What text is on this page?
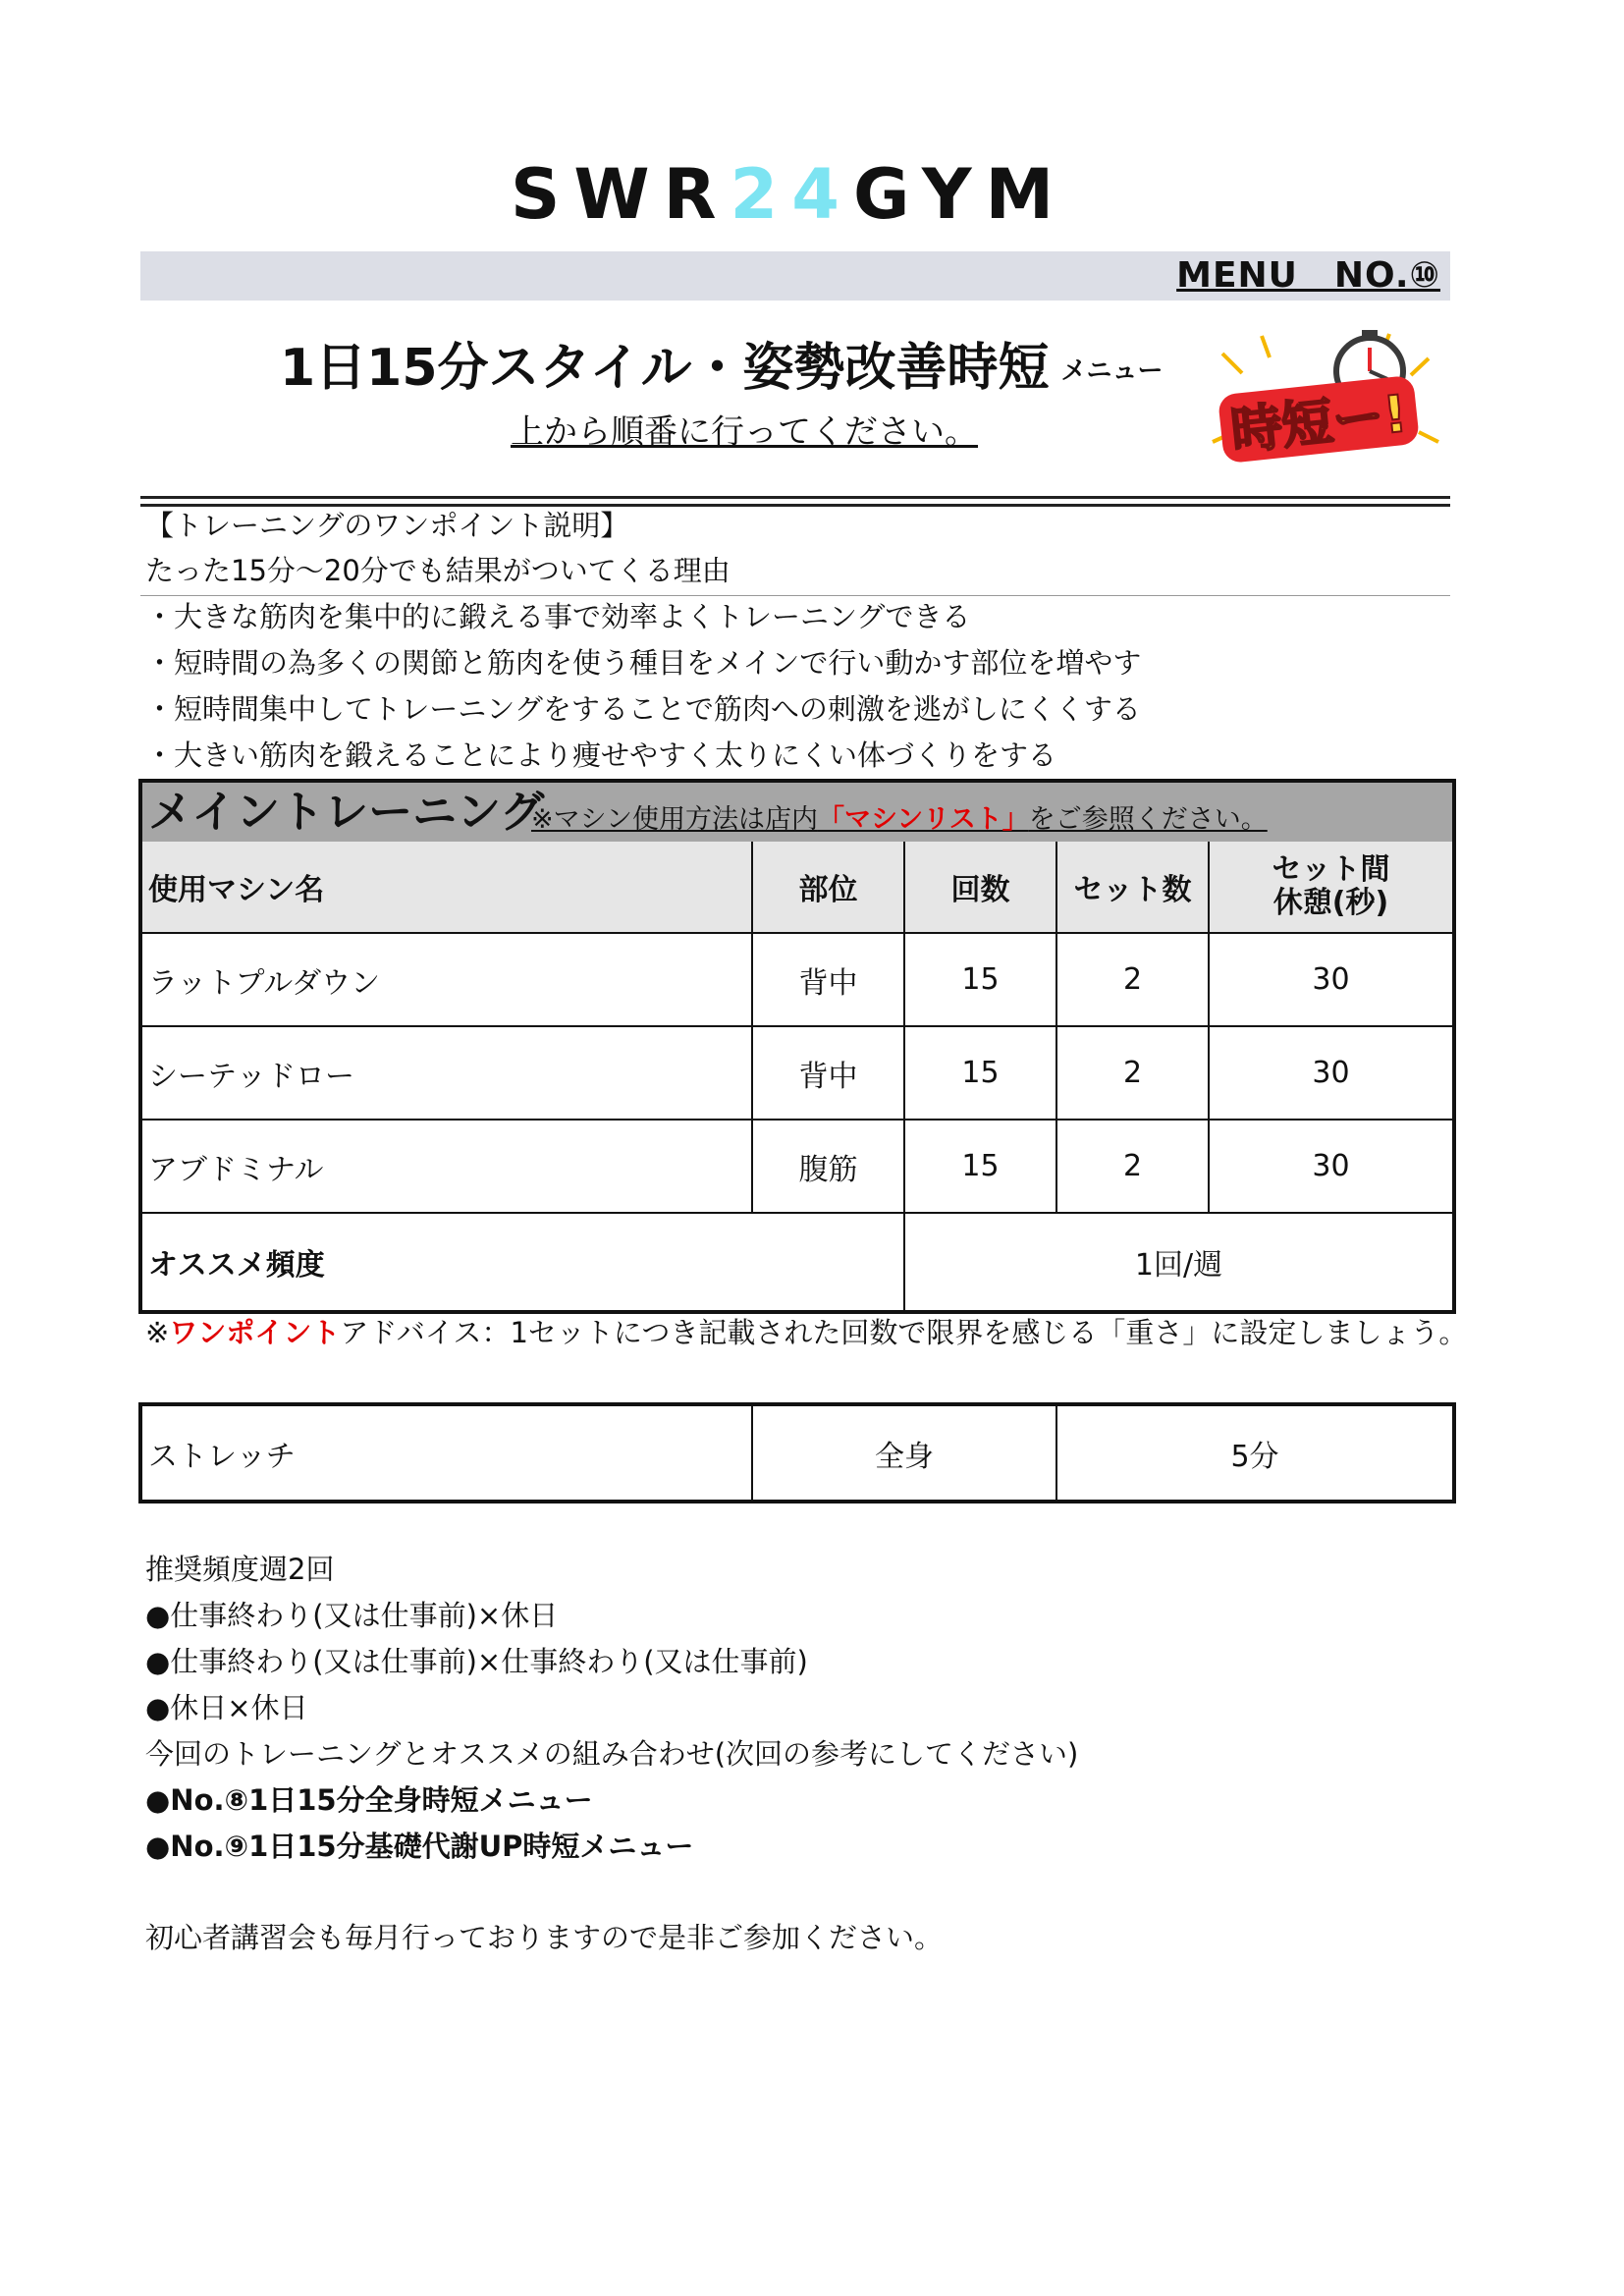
SWR24GYM
MENU　NO.⑩
1日15分スタイル・姿勢改善時短 メニュー
上から順番に行ってください。	時短ー!
【トレーニングのワンポイント説明】
たった15分～20分でも結果がついてくる理由
・大きな筋肉を集中的に鍛える事で効率よくトレーニングできる
・短時間の為多くの関節と筋肉を使う種目をメインで行い動かす部位を増やす
・短時間集中してトレーニングをすることで筋肉への刺激を逃がしにくくする
・大きい筋肉を鍛えることにより痩せやすく太りにくい体づくりをする
メイントレーニング
※マシン使用方法は店内「マシンリスト」をご参照ください。
使用マシン名	部位	回数	セット数
セット間
休憩(秒)
ラットプルダウン	背中	15	2	30
シーテッドロー	背中	15	2	30
アブドミナル	腹筋	15	2	30
オススメ頻度	1回/週
※ワンポイントアドバイス：1セットにつき記載された回数で限界を感じる「重さ」に設定しましょう。
ストレッチ	全身	5分
推奨頻度週2回
●仕事終わり(又は仕事前)×休日
●仕事終わり(又は仕事前)×仕事終わり(又は仕事前)
●休日×休日
今回のトレーニングとオススメの組み合わせ(次回の参考にしてください)
●No.⑧1日15分全身時短メニュー
●No.⑨1日15分基礎代謝UP時短メニュー
初心者講習会も毎月行っておりますので是非ご参加ください。
